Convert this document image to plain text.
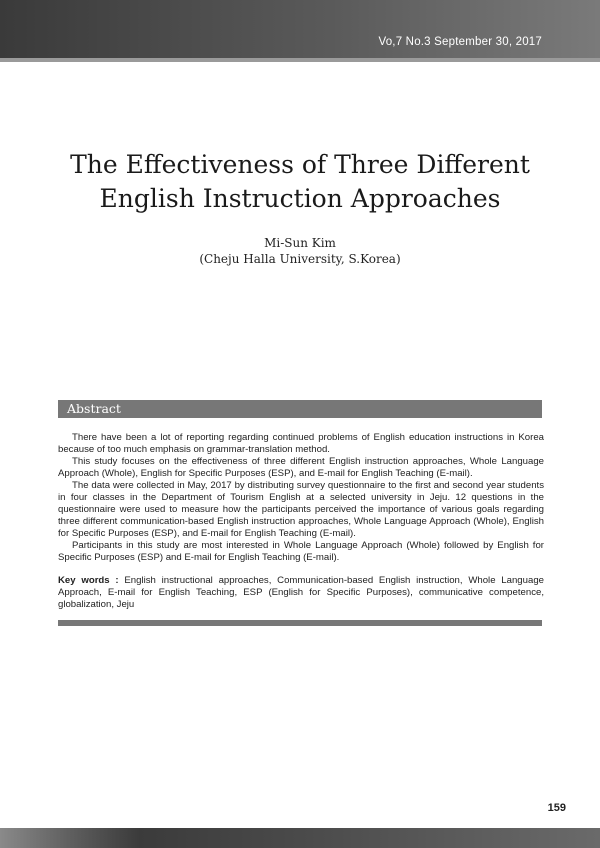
Vo,7 No.3 September 30, 2017
The Effectiveness of Three Different
English Instruction Approaches
Mi-Sun Kim
(Cheju Halla University, S.Korea)
Abstract

There have been a lot of reporting regarding continued problems of English education instructions in Korea because of too much emphasis on grammar-translation method.

This study focuses on the effectiveness of three different English instruction approaches, Whole Language Approach (Whole), English for Specific Purposes (ESP), and E-mail for English Teaching (E-mail).

The data were collected in May, 2017 by distributing survey questionnaire to the first and second year students in four classes in the Department of Tourism English at a selected university in Jeju. 12 questions in the questionnaire were used to measure how the participants perceived the importance of various goals regarding three different communication-based English instruction approaches, Whole Language Approach (Whole), English for Specific Purposes (ESP), and E-mail for English Teaching (E-mail).

Participants in this study are most interested in Whole Language Approach (Whole) followed by English for Specific Purposes (ESP) and E-mail for English Teaching (E-mail).

Key words : English instructional approaches, Communication-based English instruction, Whole Language Approach, E-mail for English Teaching, ESP (English for Specific Purposes), communicative competence, globalization, Jeju
159
